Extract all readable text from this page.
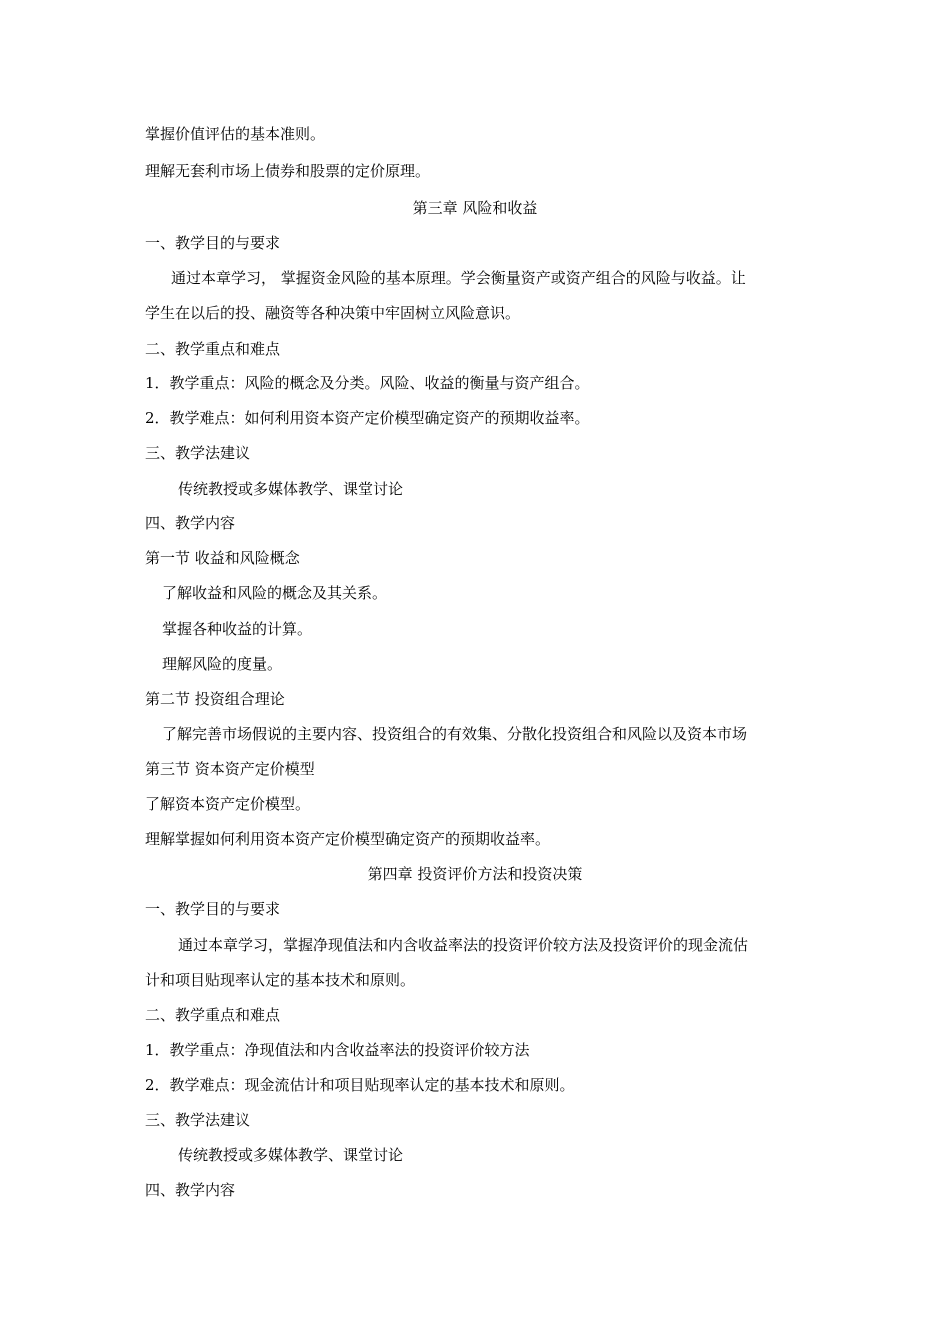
掌握价值评估的基本准则。
理解无套利市场上债券和股票的定价原理。
第三章 风险和收益
一、教学目的与要求
通过本章学习， 掌握资金风险的基本原理。学会衡量资产或资产组合的风险与收益。让
学生在以后的投、融资等各种决策中牢固树立风险意识。
二、教学重点和难点
1．教学重点：风险的概念及分类。风险、收益的衡量与资产组合。
2．教学难点：如何利用资本资产定价模型确定资产的预期收益率。
三、教学法建议
传统教授或多媒体教学、课堂讨论
四、教学内容
第一节 收益和风险概念
了解收益和风险的概念及其关系。
掌握各种收益的计算。
理解风险的度量。
第二节 投资组合理论
了解完善市场假说的主要内容、投资组合的有效集、分散化投资组合和风险以及资本市场
第三节 资本资产定价模型
了解资本资产定价模型。
理解掌握如何利用资本资产定价模型确定资产的预期收益率。
第四章 投资评价方法和投资决策
一、教学目的与要求
通过本章学习，掌握净现值法和内含收益率法的投资评价较方法及投资评价的现金流估
计和项目贴现率认定的基本技术和原则。
二、教学重点和难点
1．教学重点：净现值法和内含收益率法的投资评价较方法
2．教学难点：现金流估计和项目贴现率认定的基本技术和原则。
三、教学法建议
传统教授或多媒体教学、课堂讨论
四、教学内容
